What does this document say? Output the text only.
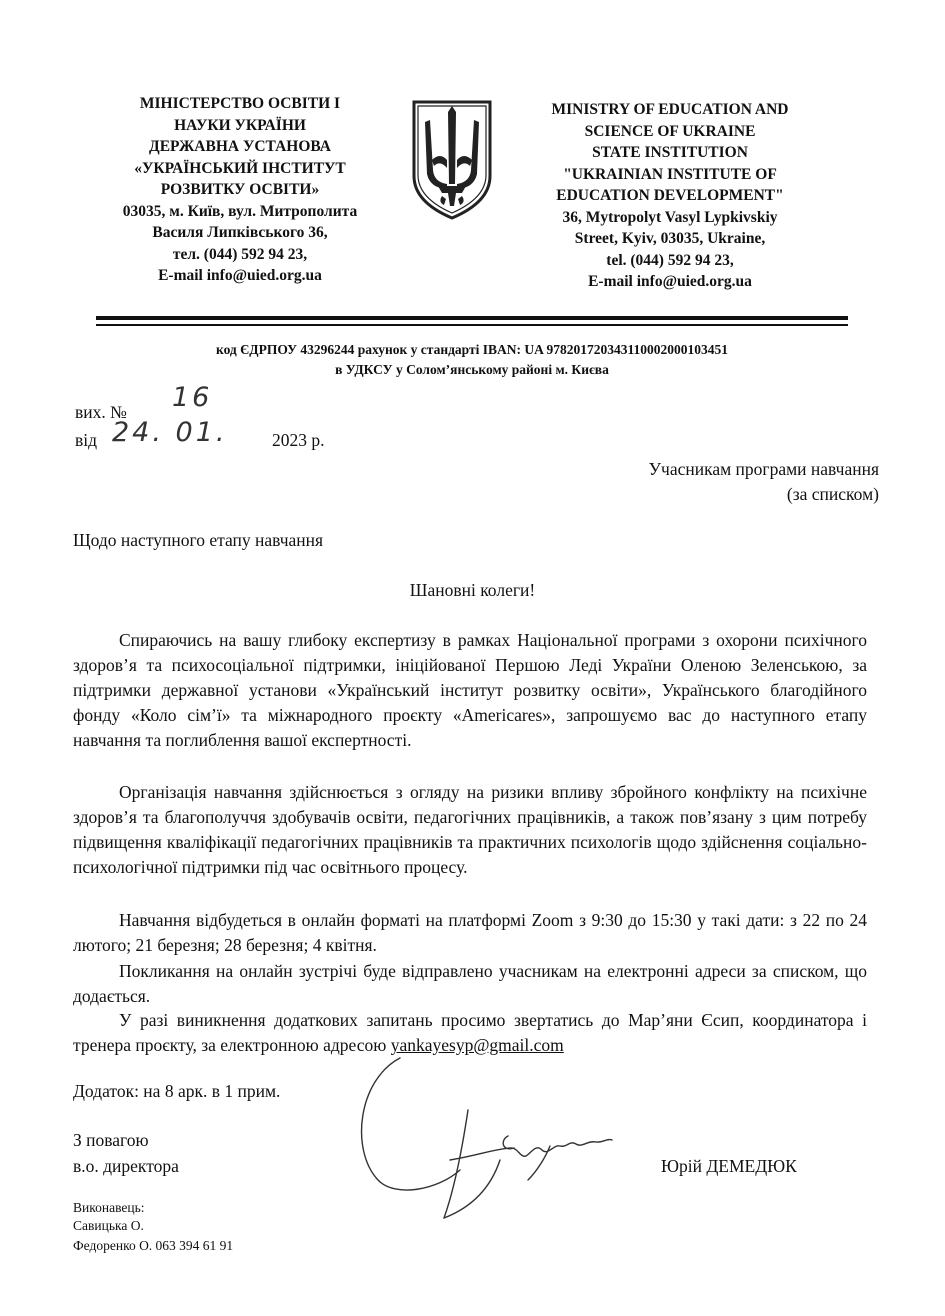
МІНІСТЕРСТВО ОСВІТИ І
НАУКИ УКРАЇНИ
ДЕРЖАВНА УСТАНОВА
«УКРАЇНСЬКИЙ ІНСТИТУТ
РОЗВИТКУ ОСВІТИ»
03035, м. Київ, вул. Митрополита
Василя Липківського 36,
тел. (044) 592 94 23,
E-mail info@uied.org.ua
MINISTRY OF EDUCATION AND
SCIENCE OF UKRAINE
STATE INSTITUTION
"UKRAINIAN INSTITUTE OF
EDUCATION DEVELOPMENT"
36, Mytropolyt Vasyl Lypkivskiy
Street, Kyiv, 03035, Ukraine,
tel. (044) 592 94 23,
E-mail info@uied.org.ua
код ЄДРПОУ 43296244 рахунок у стандарті IBAN: UA 978201720343110002000103451
в УДКСУ у Солом’янському районі м. Києва
вих. № 16
від 24. 01.	2023 р.
Учасникам програми навчання
(за списком)
Щодо наступного етапу навчання
Шановні колеги!
Спираючись на вашу глибоку експертизу в рамках Національної програми з охорони психічного здоров’я та психосоціальної підтримки, ініційованої Першою Леді України Оленою Зеленською, за підтримки державної установи «Український інститут розвитку освіти», Українського благодійного фонду «Коло сім’ї» та міжнародного проєкту «Americares», запрошуємо вас до наступного етапу навчання та поглиблення вашої експертності.
Організація навчання здійснюється з огляду на ризики впливу збройного конфлікту на психічне здоров’я та благополуччя здобувачів освіти, педагогічних працівників, а також пов’язану з цим потребу підвищення кваліфікації педагогічних працівників та практичних психологів щодо здійснення соціально-психологічної підтримки під час освітнього процесу.
Навчання відбудеться в онлайн форматі на платформі Zoom з 9:30 до 15:30 у такі дати: з 22 по 24 лютого; 21 березня; 28 березня; 4 квітня.
Покликання на онлайн зустрічі буде відправлено учасникам на електронні адреси за списком, що додається.
У разі виникнення додаткових запитань просимо звертатись до Мар’яни Єсип, координатора і тренера проєкту, за електронною адресою yankayesyp@gmail.com
Додаток: на 8 арк. в 1 прим.
З повагою
в.о. директора	Юрій ДЕМЕДЮК
Виконавець:
Савицька О.
Федоренко О. 063 394 61 91
